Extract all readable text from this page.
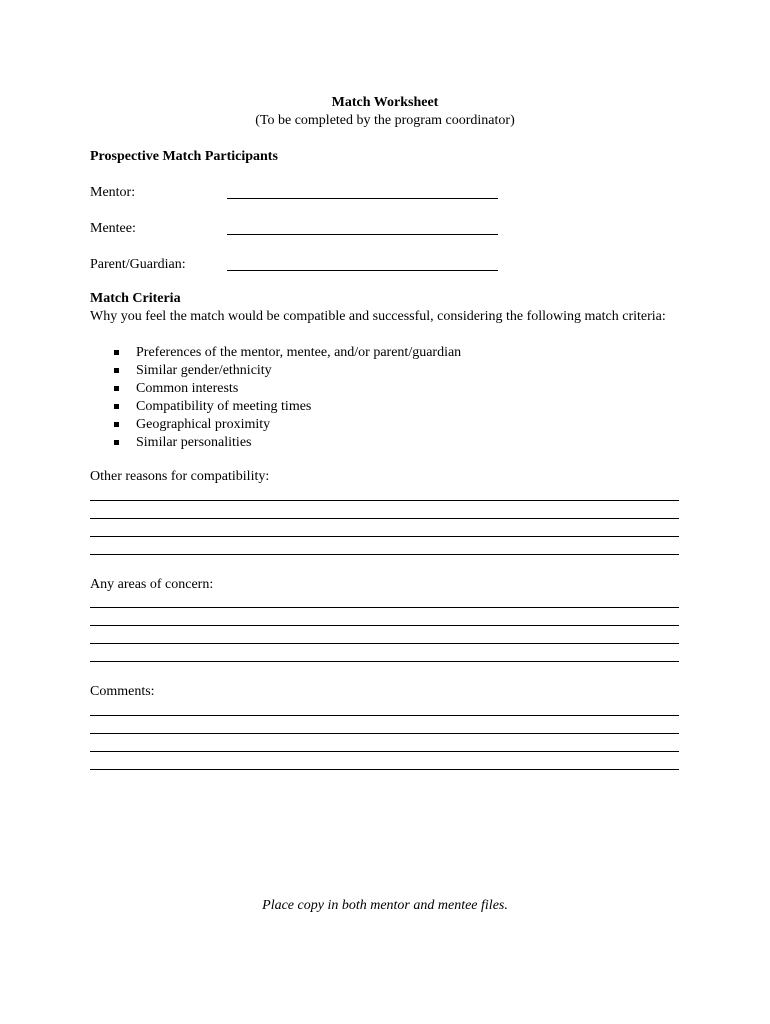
Match Worksheet
(To be completed by the program coordinator)
Prospective Match Participants
Mentor:
Mentee:
Parent/Guardian:
Match Criteria
Why you feel the match would be compatible and successful, considering the following match criteria:
Preferences of the mentor, mentee, and/or parent/guardian
Similar gender/ethnicity
Common interests
Compatibility of meeting times
Geographical proximity
Similar personalities
Other reasons for compatibility:
Any areas of concern:
Comments:
Place copy in both mentor and mentee files.
